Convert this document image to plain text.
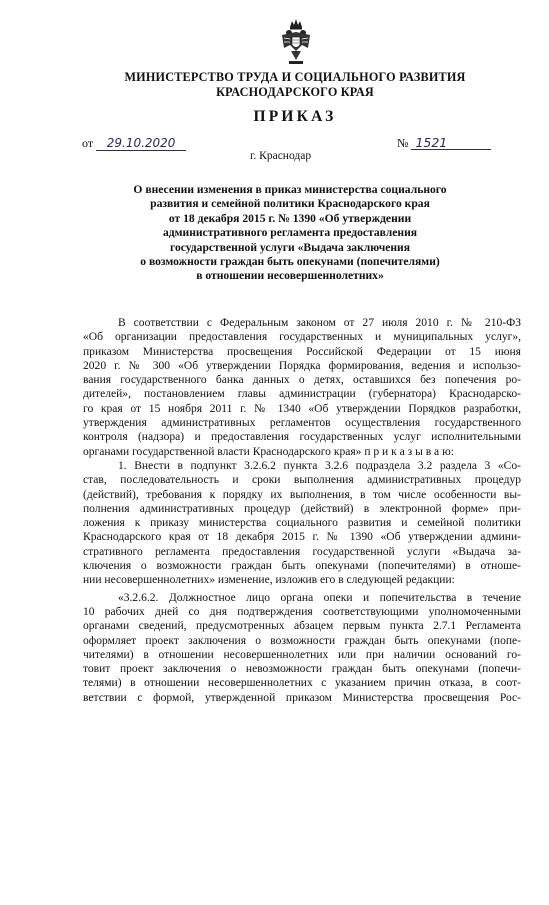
МИНИСТЕРСТВО ТРУДА И СОЦИАЛЬНОГО РАЗВИТИЯ
КРАСНОДАРСКОГО КРАЯ
ПРИКАЗ
от 29.10.2020	№ 1521
г. Краснодар
О внесении изменения в приказ министерства социального
развития и семейной политики Краснодарского края
от 18 декабря 2015 г. № 1390 «Об утверждении
административного регламента предоставления
государственной услуги «Выдача заключения
о возможности граждан быть опекунами (попечителями)
в отношении несовершеннолетних»
В соответствии с Федеральным законом от 27 июля 2010 г. № 210-ФЗ
«Об организации предоставления государственных и муниципальных услуг»,
приказом Министерства просвещения Российской Федерации от 15 июня
2020 г. № 300 «Об утверждении Порядка формирования, ведения и использо-
вания государственного банка данных о детях, оставшихся без попечения ро-
дителей», постановлением главы администрации (губернатора) Краснодарско-
го края от 15 ноября 2011 г. № 1340 «Об утверждении Порядков разработки,
утверждения административных регламентов осуществления государственного
контроля (надзора) и предоставления государственных услуг исполнительными
органами государственной власти Краснодарского края» п р и к а з ы в а ю:
1. Внести в подпункт 3.2.6.2 пункта 3.2.6 подраздела 3.2 раздела 3 «Со-
став, последовательность и сроки выполнения административных процедур
(действий), требования к порядку их выполнения, в том числе особенности вы-
полнения административных процедур (действий) в электронной форме» при-
ложения к приказу министерства социального развития и семейной политики
Краснодарского края от 18 декабря 2015 г. № 1390 «Об утверждении админи-
стративного регламента предоставления государственной услуги «Выдача за-
ключения о возможности граждан быть опекунами (попечителями) в отноше-
нии несовершеннолетних» изменение, изложив его в следующей редакции:
«3.2.6.2. Должностное лицо органа опеки и попечительства в течение
10 рабочих дней со дня подтверждения соответствующими уполномоченными
органами сведений, предусмотренных абзацем первым пункта 2.7.1 Регламента
оформляет проект заключения о возможности граждан быть опекунами (попе-
чителями) в отношении несовершеннолетних или при наличии оснований го-
товит проект заключения о невозможности граждан быть опекунами (попечи-
телями) в отношении несовершеннолетних с указанием причин отказа, в соот-
ветствии с формой, утвержденной приказом Министерства просвещения Рос-
